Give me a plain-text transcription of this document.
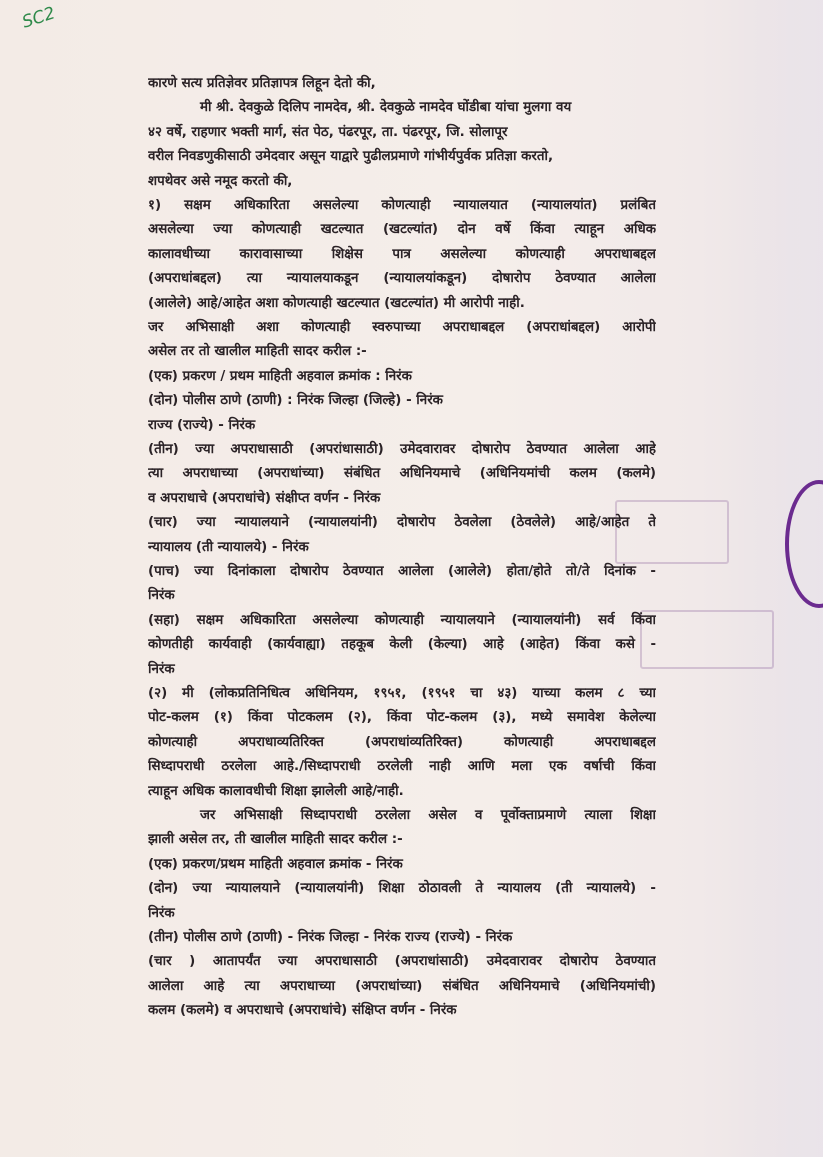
SC2
कारणे सत्य प्रतिज्ञेवर प्रतिज्ञापत्र लिहून देतो की,
मी श्री. देवकुळे दिलिप नामदेव, श्री. देवकुळे नामदेव घोंडीबा यांचा मुलगा वय
४२ वर्षे, राहणार भक्ती मार्ग, संत पेठ, पंढरपूर, ता. पंढरपूर, जि. सोलापूर
वरील निवडणुकीसाठी उमेदवार असून याद्वारे पुढीलप्रमाणे गांभीर्यपुर्वक प्रतिज्ञा करतो,
शपथेवर असे नमूद करतो की,
१) सक्षम अधिकारिता असलेल्या कोणत्याही न्यायालयात (न्यायालयांत) प्रलंबित
असलेल्या ज्या कोणत्याही खटल्यात (खटल्यांत) दोन वर्षे किंवा त्याहून अधिक
कालावधीच्या कारावासाच्या शिक्षेस पात्र असलेल्या कोणत्याही अपराधाबद्दल
(अपराधांबद्दल) त्या न्यायालयाकडून (न्यायालयांकडून) दोषारोप ठेवण्यात आलेला
(आलेले) आहे/आहेत अशा कोणत्याही खटल्यात (खटल्यांत) मी आरोपी नाही.
जर अभिसाक्षी अशा कोणत्याही स्वरुपाच्या अपराधाबद्दल (अपराधांबद्दल) आरोपी
असेल तर तो खालील माहिती सादर करील :-
(एक) प्रकरण / प्रथम माहिती अहवाल क्रमांक : निरंक
(दोन) पोलीस ठाणे (ठाणी) : निरंक जिल्हा (जिल्हे) - निरंक
राज्य (राज्ये) - निरंक
(तीन) ज्या अपराधासाठी (अपरांधासाठी) उमेदवारावर दोषारोप ठेवण्यात आलेला आहे
त्या अपराधाच्या (अपराधांच्या) संबंधित अधिनियमाचे (अधिनियमांची कलम (कलमे)
व अपराधाचे (अपराधांचे) संक्षीप्त वर्णन - निरंक
(चार) ज्या न्यायालयाने (न्यायालयांनी) दोषारोप ठेवलेला (ठेवलेले) आहे/आहेत ते
न्यायालय (ती न्यायालये) - निरंक
(पाच) ज्या दिनांकाला दोषारोप ठेवण्यात आलेला (आलेले) होता/होते तो/ते दिनांक -
निरंक
(सहा) सक्षम अधिकारिता असलेल्या कोणत्याही न्यायालयाने (न्यायालयांनी) सर्व किंवा
कोणतीही कार्यवाही (कार्यवाह्या) तहकूब केली (केल्या) आहे (आहेत) किंवा कसे -
निरंक
(२) मी (लोकप्रतिनिधित्व अधिनियम, १९५१, (१९५१ चा ४३) याच्या कलम ८ च्या
पोट-कलम (१) किंवा पोटकलम (२), किंवा पोट-कलम (३), मध्ये समावेश केलेल्या
कोणत्याही अपराधाव्यतिरिक्त (अपराधांव्यतिरिक्त) कोणत्याही अपराधाबद्दल
सिध्दापराधी ठरलेला आहे./सिध्दापराधी ठरलेली नाही आणि मला एक वर्षाची किंवा
त्याहून अधिक कालावधीची शिक्षा झालेली आहे/नाही.
जर अभिसाक्षी सिध्दापराधी ठरलेला असेल व पूर्वोक्ताप्रमाणे त्याला शिक्षा
झाली असेल तर, ती खालील माहिती सादर करील :-
(एक) प्रकरण/प्रथम माहिती अहवाल क्रमांक - निरंक
(दोन) ज्या न्यायालयाने (न्यायालयांनी) शिक्षा ठोठावली ते न्यायालय (ती न्यायालये) -
निरंक
(तीन) पोलीस ठाणे (ठाणी) - निरंक जिल्हा - निरंक राज्य (राज्ये) - निरंक
(चार ) आतापर्यंत ज्या अपराधासाठी (अपराधांसाठी) उमेदवारावर दोषारोप ठेवण्यात
आलेला आहे त्या अपराधाच्या (अपराधांच्या) संबंधित अधिनियमाचे (अधिनियमांची)
कलम (कलमे) व अपराधाचे (अपराधांचे) संक्षिप्त वर्णन - निरंक
